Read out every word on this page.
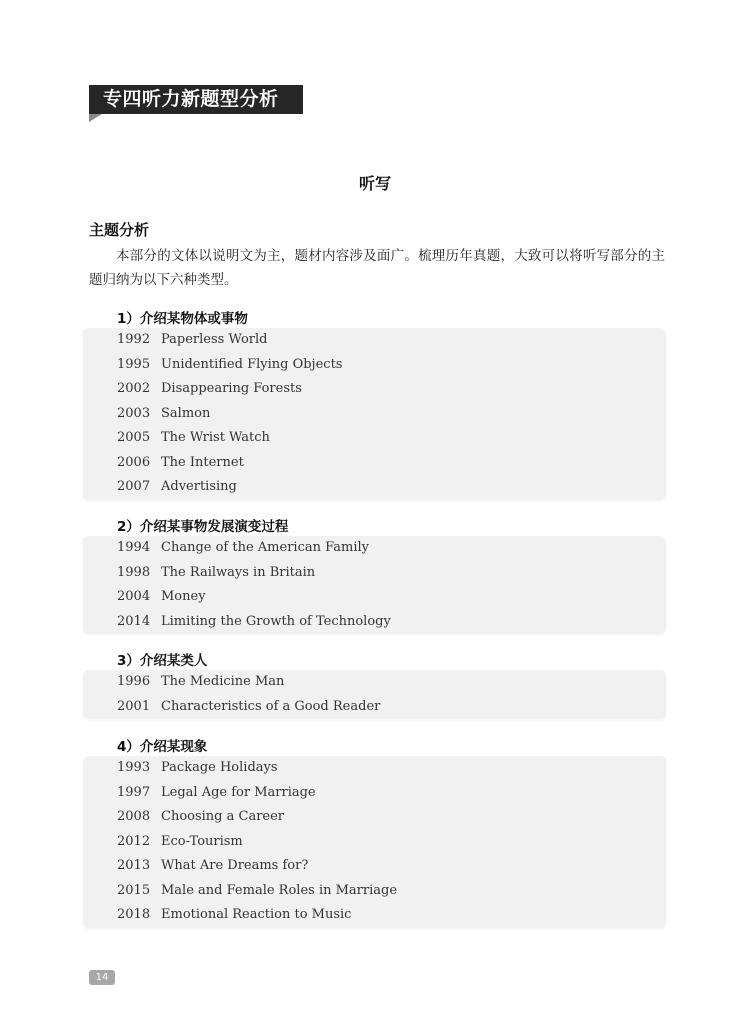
专四听力新题型分析
听写
主题分析
本部分的文体以说明文为主，题材内容涉及面广。梳理历年真题，大致可以将听写部分的主题归纳为以下六种类型。
1）介绍某物体或事物
1992 Paperless World
1995 Unidentified Flying Objects
2002 Disappearing Forests
2003 Salmon
2005 The Wrist Watch
2006 The Internet
2007 Advertising
2）介绍某事物发展演变过程
1994 Change of the American Family
1998 The Railways in Britain
2004 Money
2014 Limiting the Growth of Technology
3）介绍某类人
1996 The Medicine Man
2001 Characteristics of a Good Reader
4）介绍某现象
1993 Package Holidays
1997 Legal Age for Marriage
2008 Choosing a Career
2012 Eco-Tourism
2013 What Are Dreams for?
2015 Male and Female Roles in Marriage
2018 Emotional Reaction to Music
14
